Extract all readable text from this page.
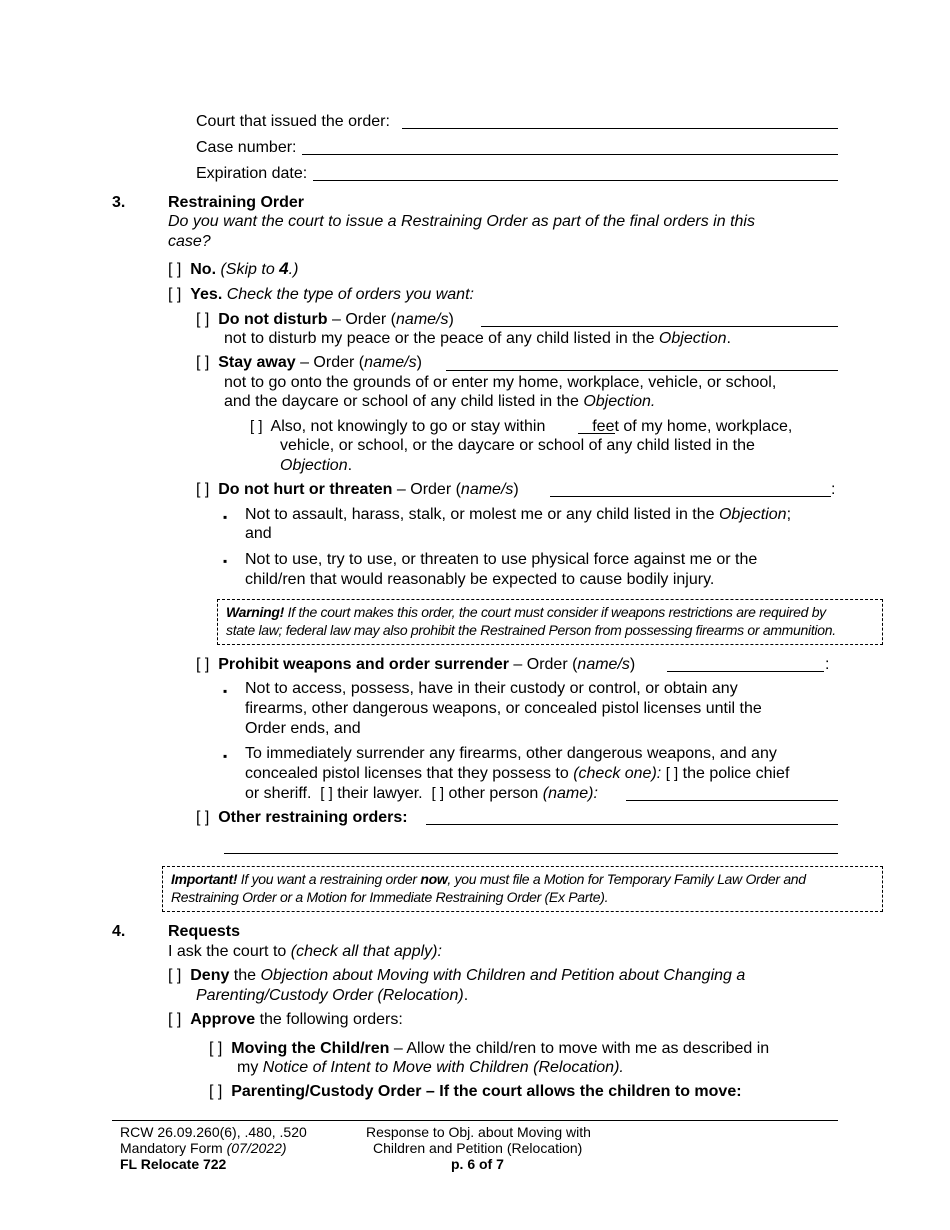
Court that issued the order:
Case number:
Expiration date:
3.	Restraining Order
Do you want the court to issue a Restraining Order as part of the final orders in this
case?
[ ] No. (Skip to 4.)
[ ] Yes. Check the type of orders you want:
[ ] Do not disturb – Order (name/s)
not to disturb my peace or the peace of any child listed in the Objection.
[ ] Stay away – Order (name/s)
not to go onto the grounds of or enter my home, workplace, vehicle, or school,
and the daycare or school of any child listed in the Objection.
[ ] Also, not knowingly to go or stay within  feet of my home, workplace,
vehicle, or school, or the daycare or school of any child listed in the
Objection.
[ ] Do not hurt or threaten – Order (name/s)	:
▪ Not to assault, harass, stalk, or molest me or any child listed in the Objection;
and
▪ Not to use, try to use, or threaten to use physical force against me or the
child/ren that would reasonably be expected to cause bodily injury.
Warning! If the court makes this order, the court must consider if weapons restrictions are required by
state law; federal law may also prohibit the Restrained Person from possessing firearms or ammunition.
[ ] Prohibit weapons and order surrender – Order (name/s)	:
▪ Not to access, possess, have in their custody or control, or obtain any
firearms, other dangerous weapons, or concealed pistol licenses until the
Order ends, and
▪ To immediately surrender any firearms, other dangerous weapons, and any
concealed pistol licenses that they possess to (check one): [ ] the police chief
or sheriff. [ ] their lawyer. [ ] other person (name):
[ ] Other restraining orders:
Important! If you want a restraining order now, you must file a Motion for Temporary Family Law Order and
Restraining Order or a Motion for Immediate Restraining Order (Ex Parte).
4.	Requests
I ask the court to (check all that apply):
[ ] Deny the Objection about Moving with Children and Petition about Changing a
Parenting/Custody Order (Relocation).
[ ] Approve the following orders:
[ ] Moving the Child/ren – Allow the child/ren to move with me as described in
my Notice of Intent to Move with Children (Relocation).
[ ] Parenting/Custody Order – If the court allows the children to move:
RCW 26.09.260(6), .480, .520
Mandatory Form (07/2022)
FL Relocate 722
Response to Obj. about Moving with
Children and Petition (Relocation)
p. 6 of 7
